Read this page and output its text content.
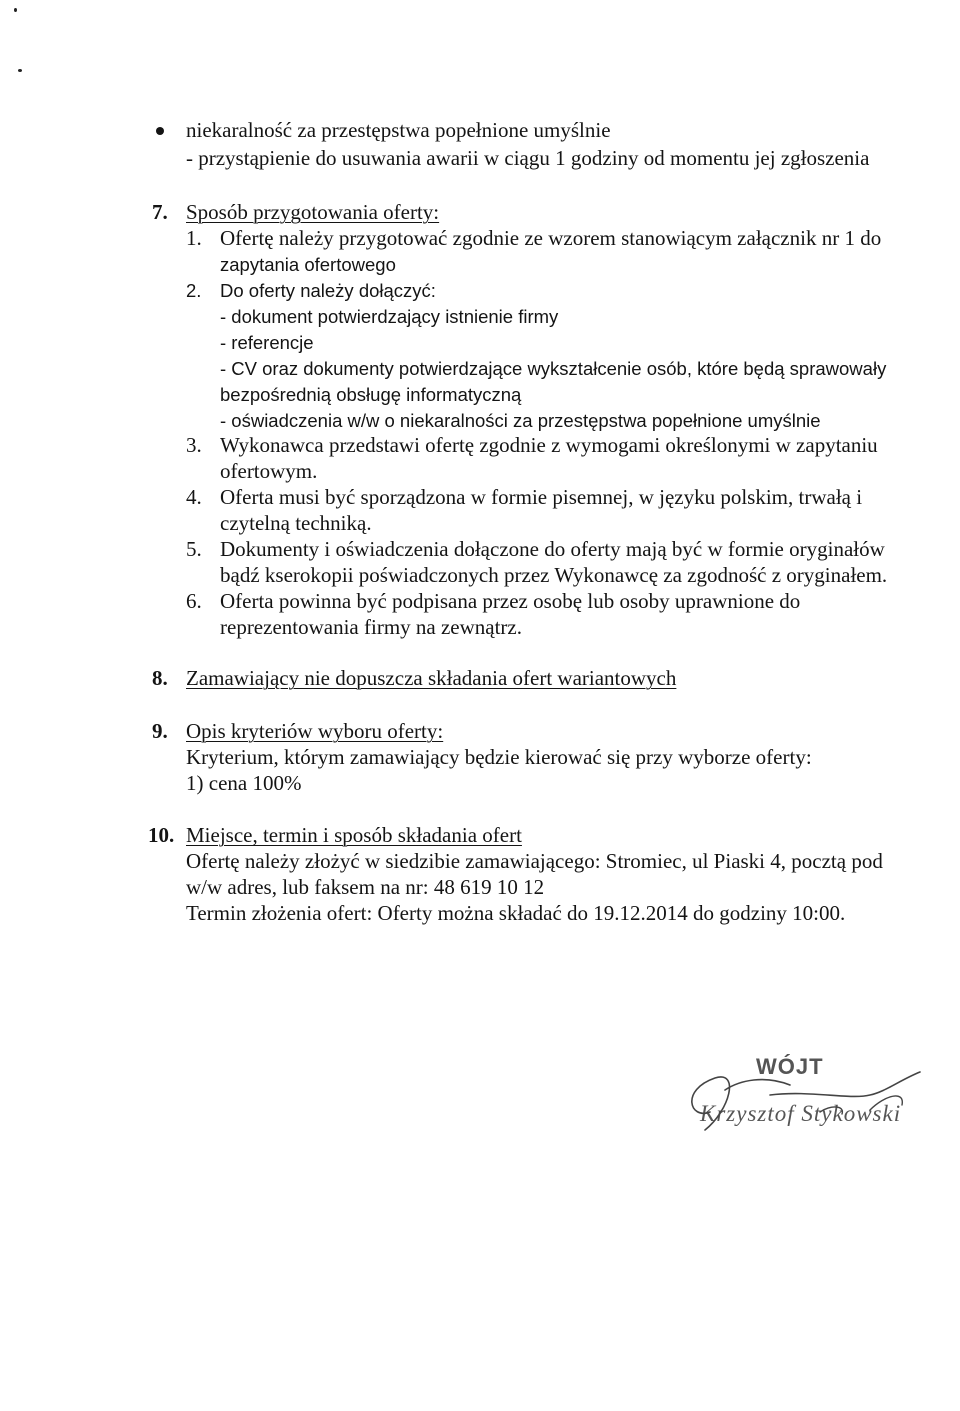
niekaralność za przestępstwa popełnione umyślnie
- przystąpienie do usuwania awarii w ciągu 1 godziny od momentu jej zgłoszenia
7. Sposób przygotowania oferty:
1. Ofertę należy przygotować zgodnie ze wzorem stanowiącym załącznik nr 1 do
zapytania ofertowego
2. Do oferty należy dołączyć:
- dokument potwierdzający istnienie firmy
- referencje
- CV oraz dokumenty potwierdzające wykształcenie osób, które będą sprawowały
bezpośrednią obsługę informatyczną
- oświadczenia w/w o niekaralności za przestępstwa popełnione umyślnie
3. Wykonawca przedstawi ofertę zgodnie z wymogami określonymi w zapytaniu
ofertowym.
4. Oferta musi być sporządzona w formie pisemnej, w języku polskim, trwałą i
czytelną techniką.
5. Dokumenty i oświadczenia dołączone do oferty mają być w formie oryginałów
bądź kserokopii poświadczonych przez Wykonawcę za zgodność z oryginałem.
6. Oferta powinna być podpisana przez osobę lub osoby uprawnione do
reprezentowania firmy na zewnątrz.
8. Zamawiający nie dopuszcza składania ofert wariantowych
9. Opis kryteriów wyboru oferty:
Kryterium, którym zamawiający będzie kierować się przy wyborze oferty:
1) cena 100%
10. Miejsce, termin i sposób składania ofert
Ofertę należy złożyć w siedzibie zamawiającego: Stromiec, ul Piaski 4, pocztą pod
w/w adres, lub faksem na nr: 48 619 10 12
Termin złożenia ofert: Oferty można składać do 19.12.2014 do godziny 10:00.
WÓJT
Krzysztof Stykowski
